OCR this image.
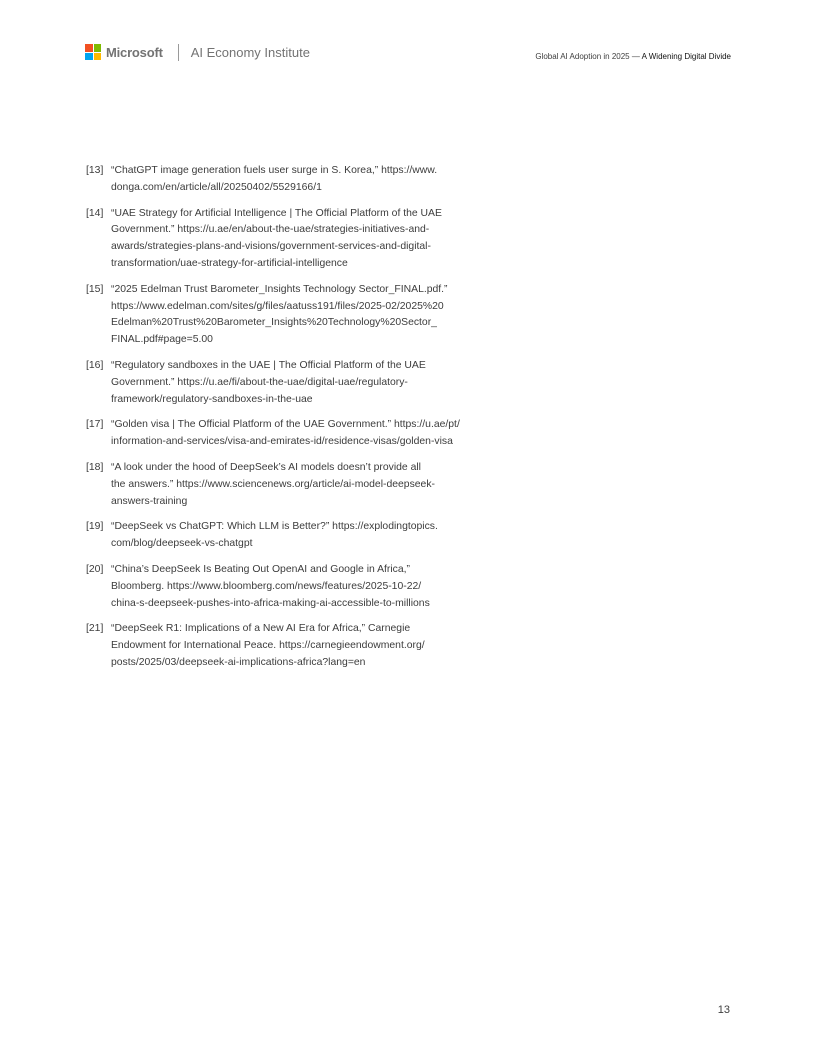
Microsoft AI Economy Institute	Global AI Adoption in 2025 — A Widening Digital Divide
[13] “ChatGPT image generation fuels user surge in S. Korea,” https://www.
donga.com/en/article/all/20250402/5529166/1
[14] “UAE Strategy for Artificial Intelligence | The Official Platform of the UAE
Government.” https://u.ae/en/about-the-uae/strategies-initiatives-and-
awards/strategies-plans-and-visions/government-services-and-digital-
transformation/uae-strategy-for-artificial-intelligence
[15] “2025 Edelman Trust Barometer_Insights Technology Sector_FINAL.pdf.”
https://www.edelman.com/sites/g/files/aatuss191/files/2025-02/2025%20
Edelman%20Trust%20Barometer_Insights%20Technology%20Sector_
FINAL.pdf#page=5.00
[16] “Regulatory sandboxes in the UAE | The Official Platform of the UAE
Government.” https://u.ae/fi/about-the-uae/digital-uae/regulatory-
framework/regulatory-sandboxes-in-the-uae
[17] “Golden visa | The Official Platform of the UAE Government.” https://u.ae/pt/
information-and-services/visa-and-emirates-id/residence-visas/golden-visa
[18] “A look under the hood of DeepSeek’s AI models doesn’t provide all
the answers.” https://www.sciencenews.org/article/ai-model-deepseek-
answers-training
[19] “DeepSeek vs ChatGPT: Which LLM is Better?” https://explodingtopics.
com/blog/deepseek-vs-chatgpt
[20] “China’s DeepSeek Is Beating Out OpenAI and Google in Africa,”
Bloomberg. https://www.bloomberg.com/news/features/2025-10-22/
china-s-deepseek-pushes-into-africa-making-ai-accessible-to-millions
[21] “DeepSeek R1: Implications of a New AI Era for Africa,” Carnegie
Endowment for International Peace. https://carnegieendowment.org/
posts/2025/03/deepseek-ai-implications-africa?lang=en
13
